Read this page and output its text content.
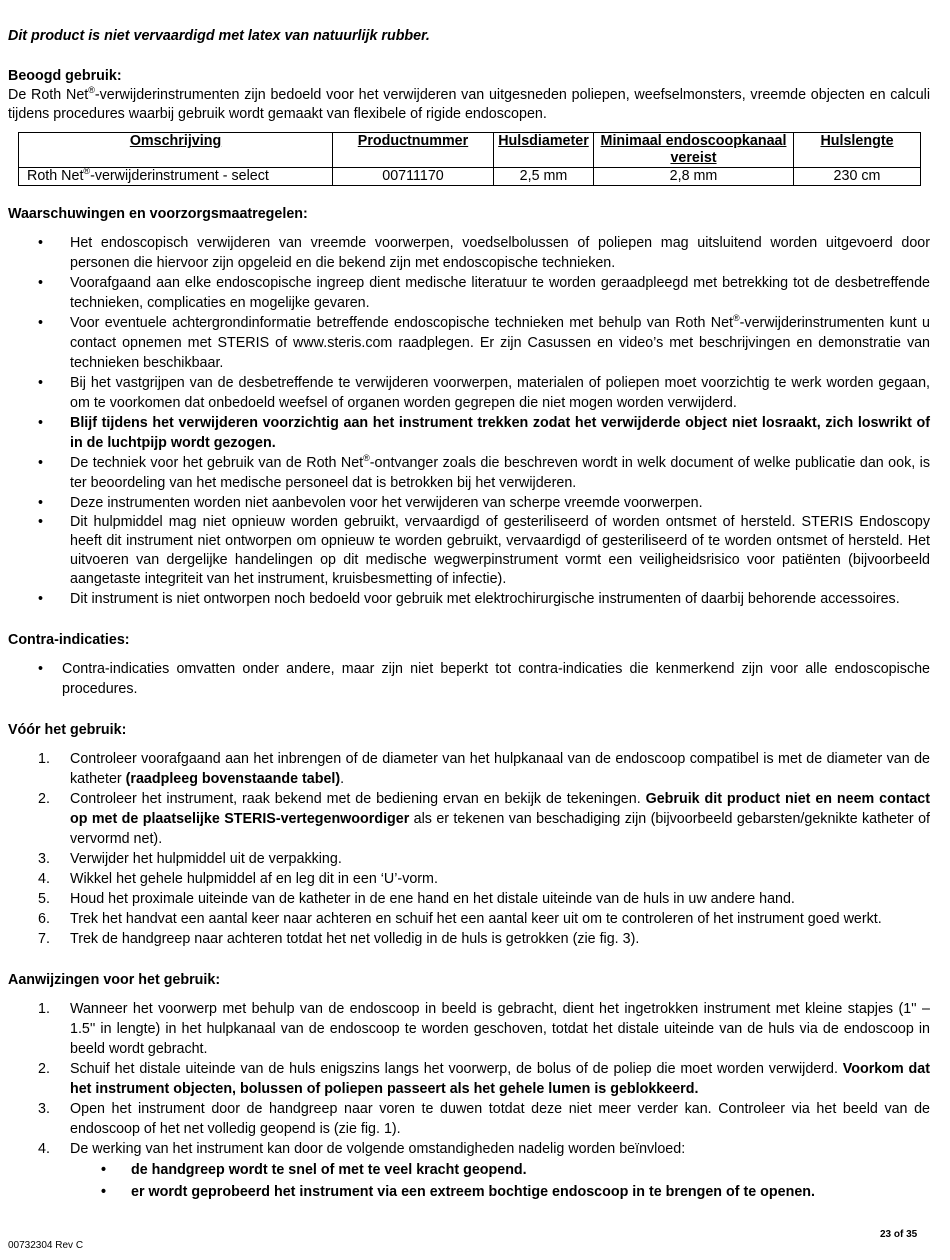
Dit product is niet vervaardigd met latex van natuurlijk rubber.

Beoogd gebruik:

De Roth Net®-verwijderinstrumenten zijn bedoeld voor het verwijderen van uitgesneden poliepen, weefselmonsters, vreemde objecten en calculi tijdens procedures waarbij gebruik wordt gemaakt van flexibele of rigide endoscopen.

Omschrijving	Productnummer	Hulsdiameter	Minimaal endoscoopkanaal vereist	Hulslengte
Roth Net®-verwijderinstrument - select	00711170	2,5 mm	2,8 mm	230 cm

Waarschuwingen en voorzorgsmaatregelen:

• Het endoscopisch verwijderen van vreemde voorwerpen, voedselbolussen of poliepen mag uitsluitend worden uitgevoerd door personen die hiervoor zijn opgeleid en die bekend zijn met endoscopische technieken.
• Voorafgaand aan elke endoscopische ingreep dient medische literatuur te worden geraadpleegd met betrekking tot de desbetreffende technieken, complicaties en mogelijke gevaren.
• Voor eventuele achtergrondinformatie betreffende endoscopische technieken met behulp van Roth Net®-verwijderinstrumenten kunt u contact opnemen met STERIS of www.steris.com raadplegen. Er zijn Casussen en video’s met beschrijvingen en demonstratie van technieken beschikbaar.
• Bij het vastgrijpen van de desbetreffende te verwijderen voorwerpen, materialen of poliepen moet voorzichtig te werk worden gegaan, om te voorkomen dat onbedoeld weefsel of organen worden gegrepen die niet mogen worden verwijderd.
• Blijf tijdens het verwijderen voorzichtig aan het instrument trekken zodat het verwijderde object niet losraakt, zich loswrikt of in de luchtpijp wordt gezogen.
• De techniek voor het gebruik van de Roth Net®-ontvanger zoals die beschreven wordt in welk document of welke publicatie dan ook, is ter beoordeling van het medische personeel dat is betrokken bij het verwijderen.
• Deze instrumenten worden niet aanbevolen voor het verwijderen van scherpe vreemde voorwerpen.
• Dit hulpmiddel mag niet opnieuw worden gebruikt, vervaardigd of gesteriliseerd of worden ontsmet of hersteld. STERIS Endoscopy heeft dit instrument niet ontworpen om opnieuw te worden gebruikt, vervaardigd of gesteriliseerd of te worden ontsmet of hersteld. Het uitvoeren van dergelijke handelingen op dit medische wegwerpinstrument vormt een veiligheidsrisico voor patiënten (bijvoorbeeld aangetaste integriteit van het instrument, kruisbesmetting of infectie).
• Dit instrument is niet ontworpen noch bedoeld voor gebruik met elektrochirurgische instrumenten of daarbij behorende accessoires.

Contra-indicaties:

• Contra-indicaties omvatten onder andere, maar zijn niet beperkt tot contra-indicaties die kenmerkend zijn voor alle endoscopische procedures.

Vóór het gebruik:

1. Controleer voorafgaand aan het inbrengen of de diameter van het hulpkanaal van de endoscoop compatibel is met de diameter van de katheter (raadpleeg bovenstaande tabel).
2. Controleer het instrument, raak bekend met de bediening ervan en bekijk de tekeningen. Gebruik dit product niet en neem contact op met de plaatselijke STERIS-vertegenwoordiger als er tekenen van beschadiging zijn (bijvoorbeeld gebarsten/geknikte katheter of vervormd net).
3. Verwijder het hulpmiddel uit de verpakking.
4. Wikkel het gehele hulpmiddel af en leg dit in een ‘U’-vorm.
5. Houd het proximale uiteinde van de katheter in de ene hand en het distale uiteinde van de huls in uw andere hand.
6. Trek het handvat een aantal keer naar achteren en schuif het een aantal keer uit om te controleren of het instrument goed werkt.
7. Trek de handgreep naar achteren totdat het net volledig in de huls is getrokken (zie fig. 3).

Aanwijzingen voor het gebruik:

1. Wanneer het voorwerp met behulp van de endoscoop in beeld is gebracht, dient het ingetrokken instrument met kleine stapjes (1'' – 1.5'' in lengte) in het hulpkanaal van de endoscoop te worden geschoven, totdat het distale uiteinde van de huls via de endoscoop in beeld wordt gebracht.
2. Schuif het distale uiteinde van de huls enigszins langs het voorwerp, de bolus of de poliep die moet worden verwijderd. Voorkom dat het instrument objecten, bolussen of poliepen passeert als het gehele lumen is geblokkeerd.
3. Open het instrument door de handgreep naar voren te duwen totdat deze niet meer verder kan. Controleer via het beeld van de endoscoop of het net volledig geopend is (zie fig. 1).
4. De werking van het instrument kan door de volgende omstandigheden nadelig worden beïnvloed:
• de handgreep wordt te snel of met te veel kracht geopend.
• er wordt geprobeerd het instrument via een extreem bochtige endoscoop in te brengen of te openen.
23 of 35
00732304 Rev C
